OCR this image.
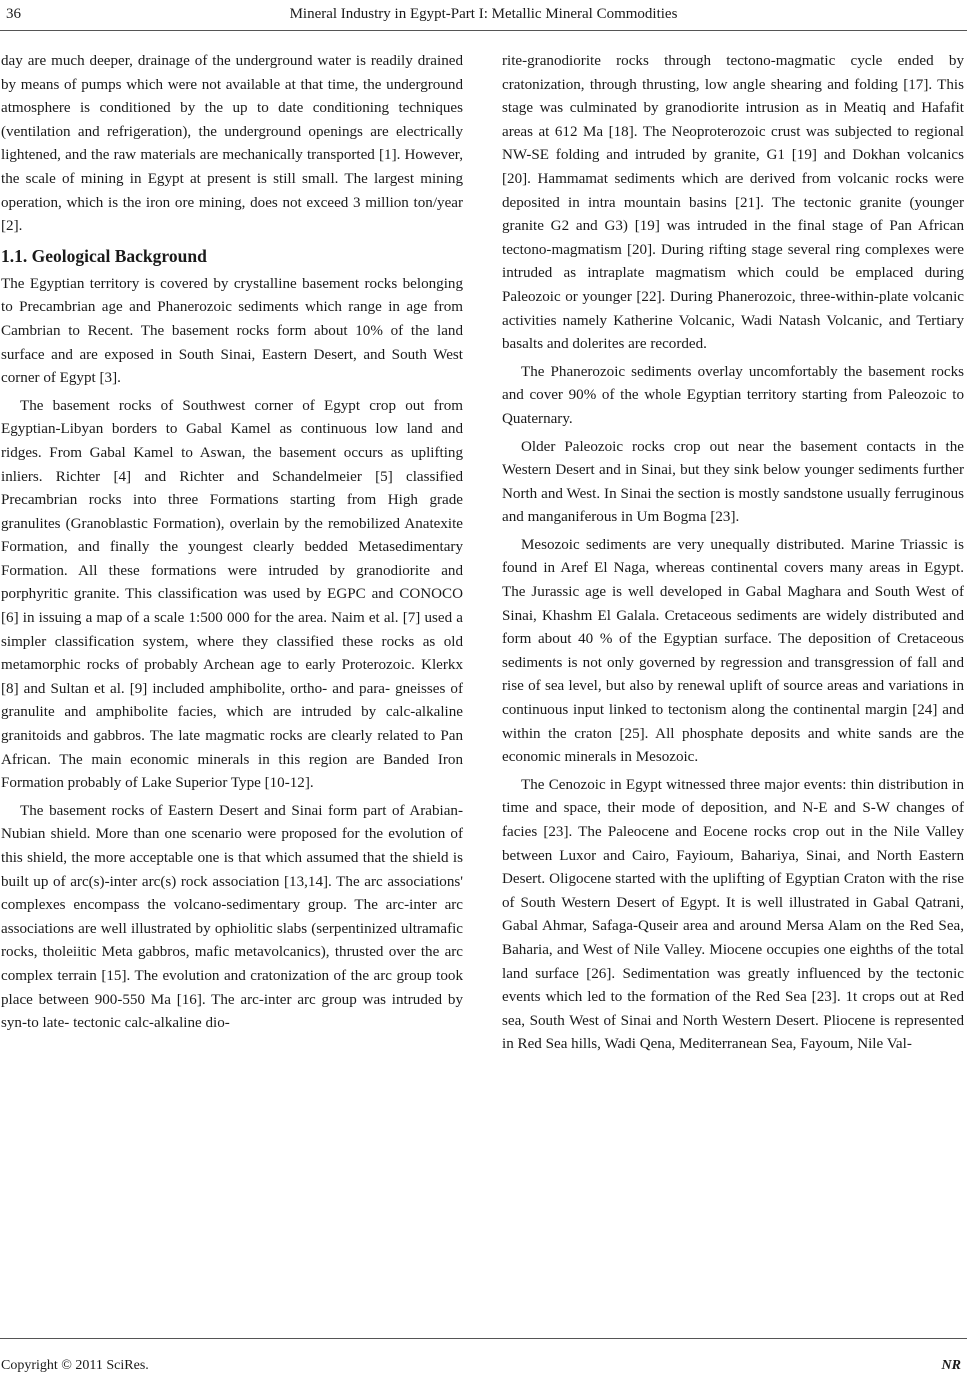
36	Mineral Industry in Egypt-Part I: Metallic Mineral Commodities

day are much deeper, drainage of the underground water is readily drained by means of pumps which were not available at that time, the underground atmosphere is conditioned by the up to date conditioning techniques (ventilation and refrigeration), the underground openings are electrically lightened, and the raw materials are mechanically transported [1]. However, the scale of mining in Egypt at present is still small. The largest mining operation, which is the iron ore mining, does not exceed 3 million ton/year [2].

1.1. Geological Background

The Egyptian territory is covered by crystalline basement rocks belonging to Precambrian age and Phanerozoic sediments which range in age from Cambrian to Recent. The basement rocks form about 10% of the land surface and are exposed in South Sinai, Eastern Desert, and South West corner of Egypt [3].

The basement rocks of Southwest corner of Egypt crop out from Egyptian-Libyan borders to Gabal Kamel as continuous low land and ridges. From Gabal Kamel to Aswan, the basement occurs as uplifting inliers. Richter [4] and Richter and Schandelmeier [5] classified Precambrian rocks into three Formations starting from High grade granulites (Granoblastic Formation), overlain by the remobilized Anatexite Formation, and finally the youngest clearly bedded Metasedimentary Formation. All these formations were intruded by granodiorite and porphyritic granite. This classification was used by EGPC and CONOCO [6] in issuing a map of a scale 1:500 000 for the area. Naim et al. [7] used a simpler classification system, where they classified these rocks as old metamorphic rocks of probably Archean age to early Proterozoic. Klerkx [8] and Sultan et al. [9] included amphibolite, ortho- and para- gneisses of granulite and amphibolite facies, which are intruded by calc-alkaline granitoids and gabbros. The late magmatic rocks are clearly related to Pan African. The main economic minerals in this region are Banded Iron Formation probably of Lake Superior Type [10-12].

The basement rocks of Eastern Desert and Sinai form part of Arabian-Nubian shield. More than one scenario were proposed for the evolution of this shield, the more acceptable one is that which assumed that the shield is built up of arc(s)-inter arc(s) rock association [13,14]. The arc associations' complexes encompass the volcano-sedimentary group. The arc-inter arc associations are well illustrated by ophiolitic slabs (serpentinized ultramafic rocks, tholeiitic Meta gabbros, mafic metavolcanics), thrusted over the arc complex terrain [15]. The evolution and cratonization of the arc group took place between 900-550 Ma [16]. The arc-inter arc group was intruded by syn-to late- tectonic calc-alkaline dio-

rite-granodiorite rocks through tectono-magmatic cycle ended by cratonization, through thrusting, low angle shearing and folding [17]. This stage was culminated by granodiorite intrusion as in Meatiq and Hafafit areas at 612 Ma [18]. The Neoproterozoic crust was subjected to regional NW-SE folding and intruded by granite, G1 [19] and Dokhan volcanics [20]. Hammamat sediments which are derived from volcanic rocks were deposited in intra mountain basins [21]. The tectonic granite (younger granite G2 and G3) [19] was intruded in the final stage of Pan African tectono-magmatism [20]. During rifting stage several ring complexes were intruded as intraplate magmatism which could be emplaced during Paleozoic or younger [22]. During Phanerozoic, three-within-plate volcanic activities namely Katherine Volcanic, Wadi Natash Volcanic, and Tertiary basalts and dolerites are recorded.

The Phanerozoic sediments overlay uncomfortably the basement rocks and cover 90% of the whole Egyptian territory starting from Paleozoic to Quaternary.

Older Paleozoic rocks crop out near the basement contacts in the Western Desert and in Sinai, but they sink below younger sediments further North and West. In Sinai the section is mostly sandstone usually ferruginous and manganiferous in Um Bogma [23].

Mesozoic sediments are very unequally distributed. Marine Triassic is found in Aref El Naga, whereas continental covers many areas in Egypt. The Jurassic age is well developed in Gabal Maghara and South West of Sinai, Khashm El Galala. Cretaceous sediments are widely distributed and form about 40 % of the Egyptian surface. The deposition of Cretaceous sediments is not only governed by regression and transgression of fall and rise of sea level, but also by renewal uplift of source areas and variations in continuous input linked to tectonism along the continental margin [24] and within the craton [25]. All phosphate deposits and white sands are the economic minerals in Mesozoic.

The Cenozoic in Egypt witnessed three major events: thin distribution in time and space, their mode of deposition, and N-E and S-W changes of facies [23]. The Paleocene and Eocene rocks crop out in the Nile Valley between Luxor and Cairo, Fayioum, Bahariya, Sinai, and North Eastern Desert. Oligocene started with the uplifting of Egyptian Craton with the rise of South Western Desert of Egypt. It is well illustrated in Gabal Qatrani, Gabal Ahmar, Safaga-Quseir area and around Mersa Alam on the Red Sea, Baharia, and West of Nile Valley. Miocene occupies one eighths of the total land surface [26]. Sedimentation was greatly influenced by the tectonic events which led to the formation of the Red Sea [23]. 1t crops out at Red sea, South West of Sinai and North Western Desert. Pliocene is represented in Red Sea hills, Wadi Qena, Mediterranean Sea, Fayoum, Nile Val-

Copyright © 2011 SciRes.	NR
